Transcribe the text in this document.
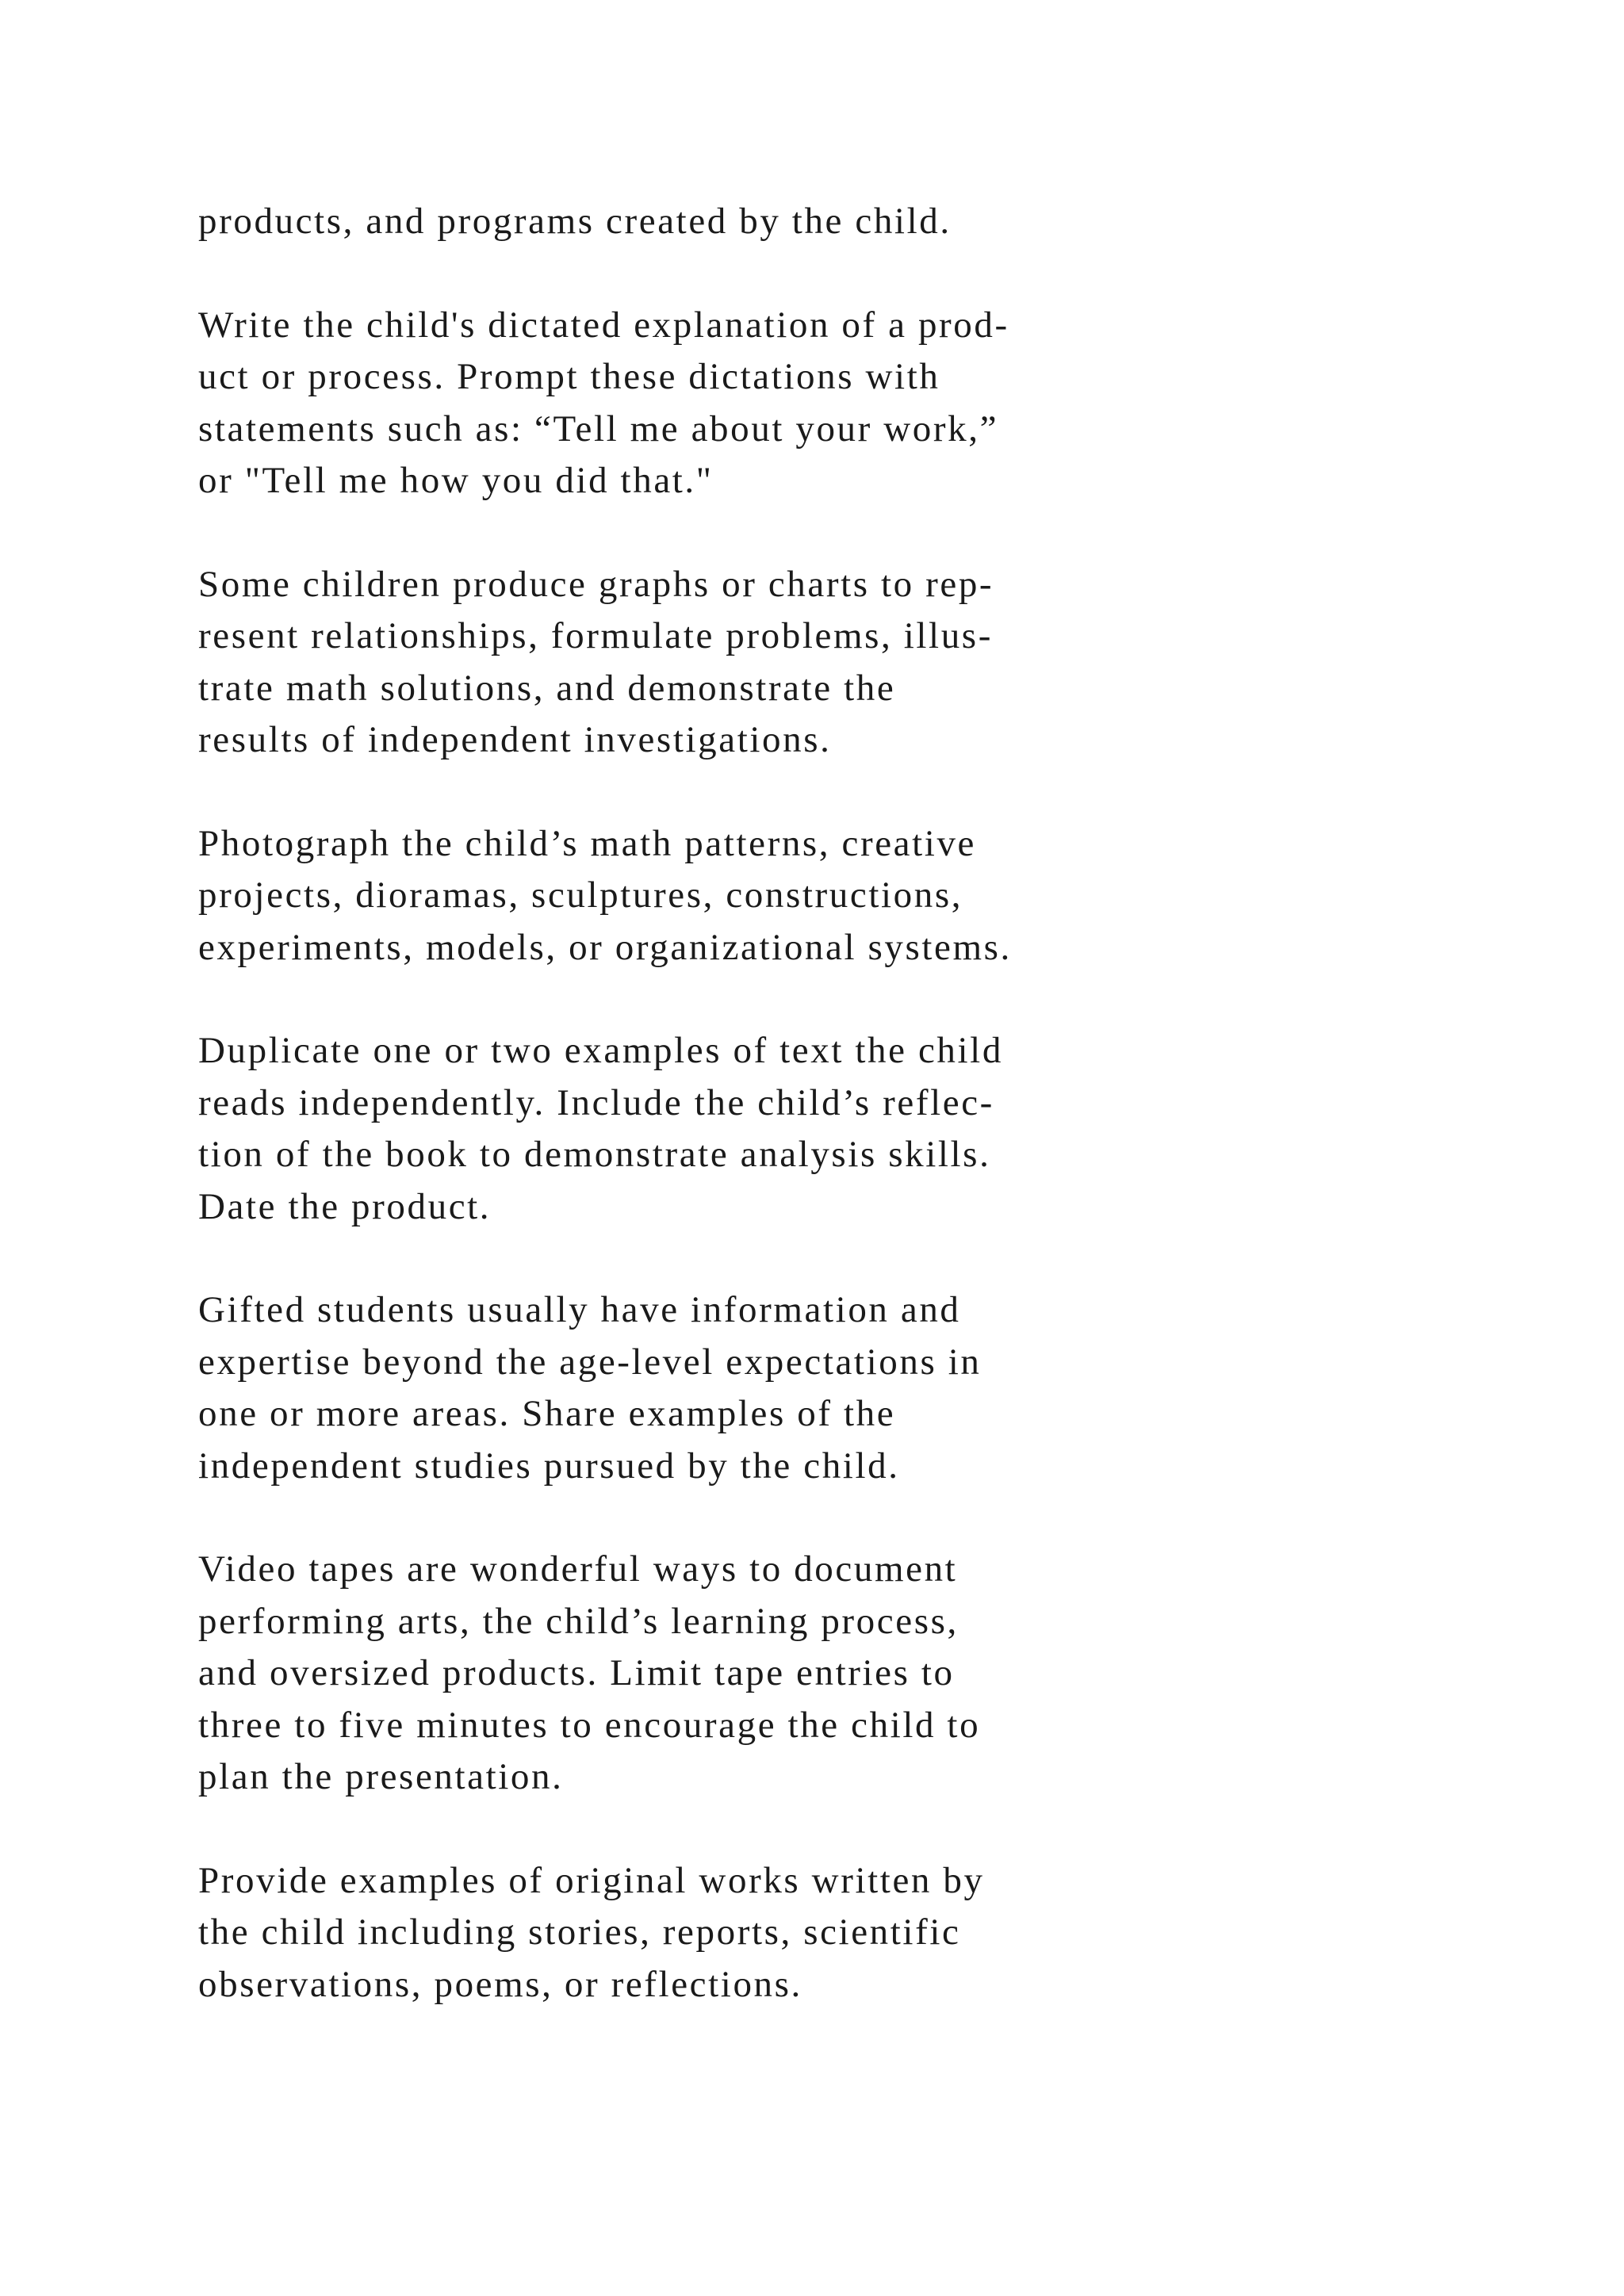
products, and programs created by the child.

Write the child's dictated explanation of a prod-
uct or process. Prompt these dictations with
statements such as: “Tell me about your work,”
or "Tell me how you did that."

Some children produce graphs or charts to rep-
resent relationships, formulate problems, illus-
trate math solutions, and demonstrate the
results of independent investigations.

Photograph the child’s math patterns, creative
projects, dioramas, sculptures, constructions,
experiments, models, or organizational systems.

Duplicate one or two examples of text the child
reads independently. Include the child’s reflec-
tion of the book to demonstrate analysis skills.
Date the product.

Gifted students usually have information and
expertise beyond the age-level expectations in
one or more areas. Share examples of the
independent studies pursued by the child.

Video tapes are wonderful ways to document
performing arts, the child’s learning process,
and oversized products. Limit tape entries to
three to five minutes to encourage the child to
plan the presentation.

Provide examples of original works written by
the child including stories, reports, scientific
observations, poems, or reflections.
